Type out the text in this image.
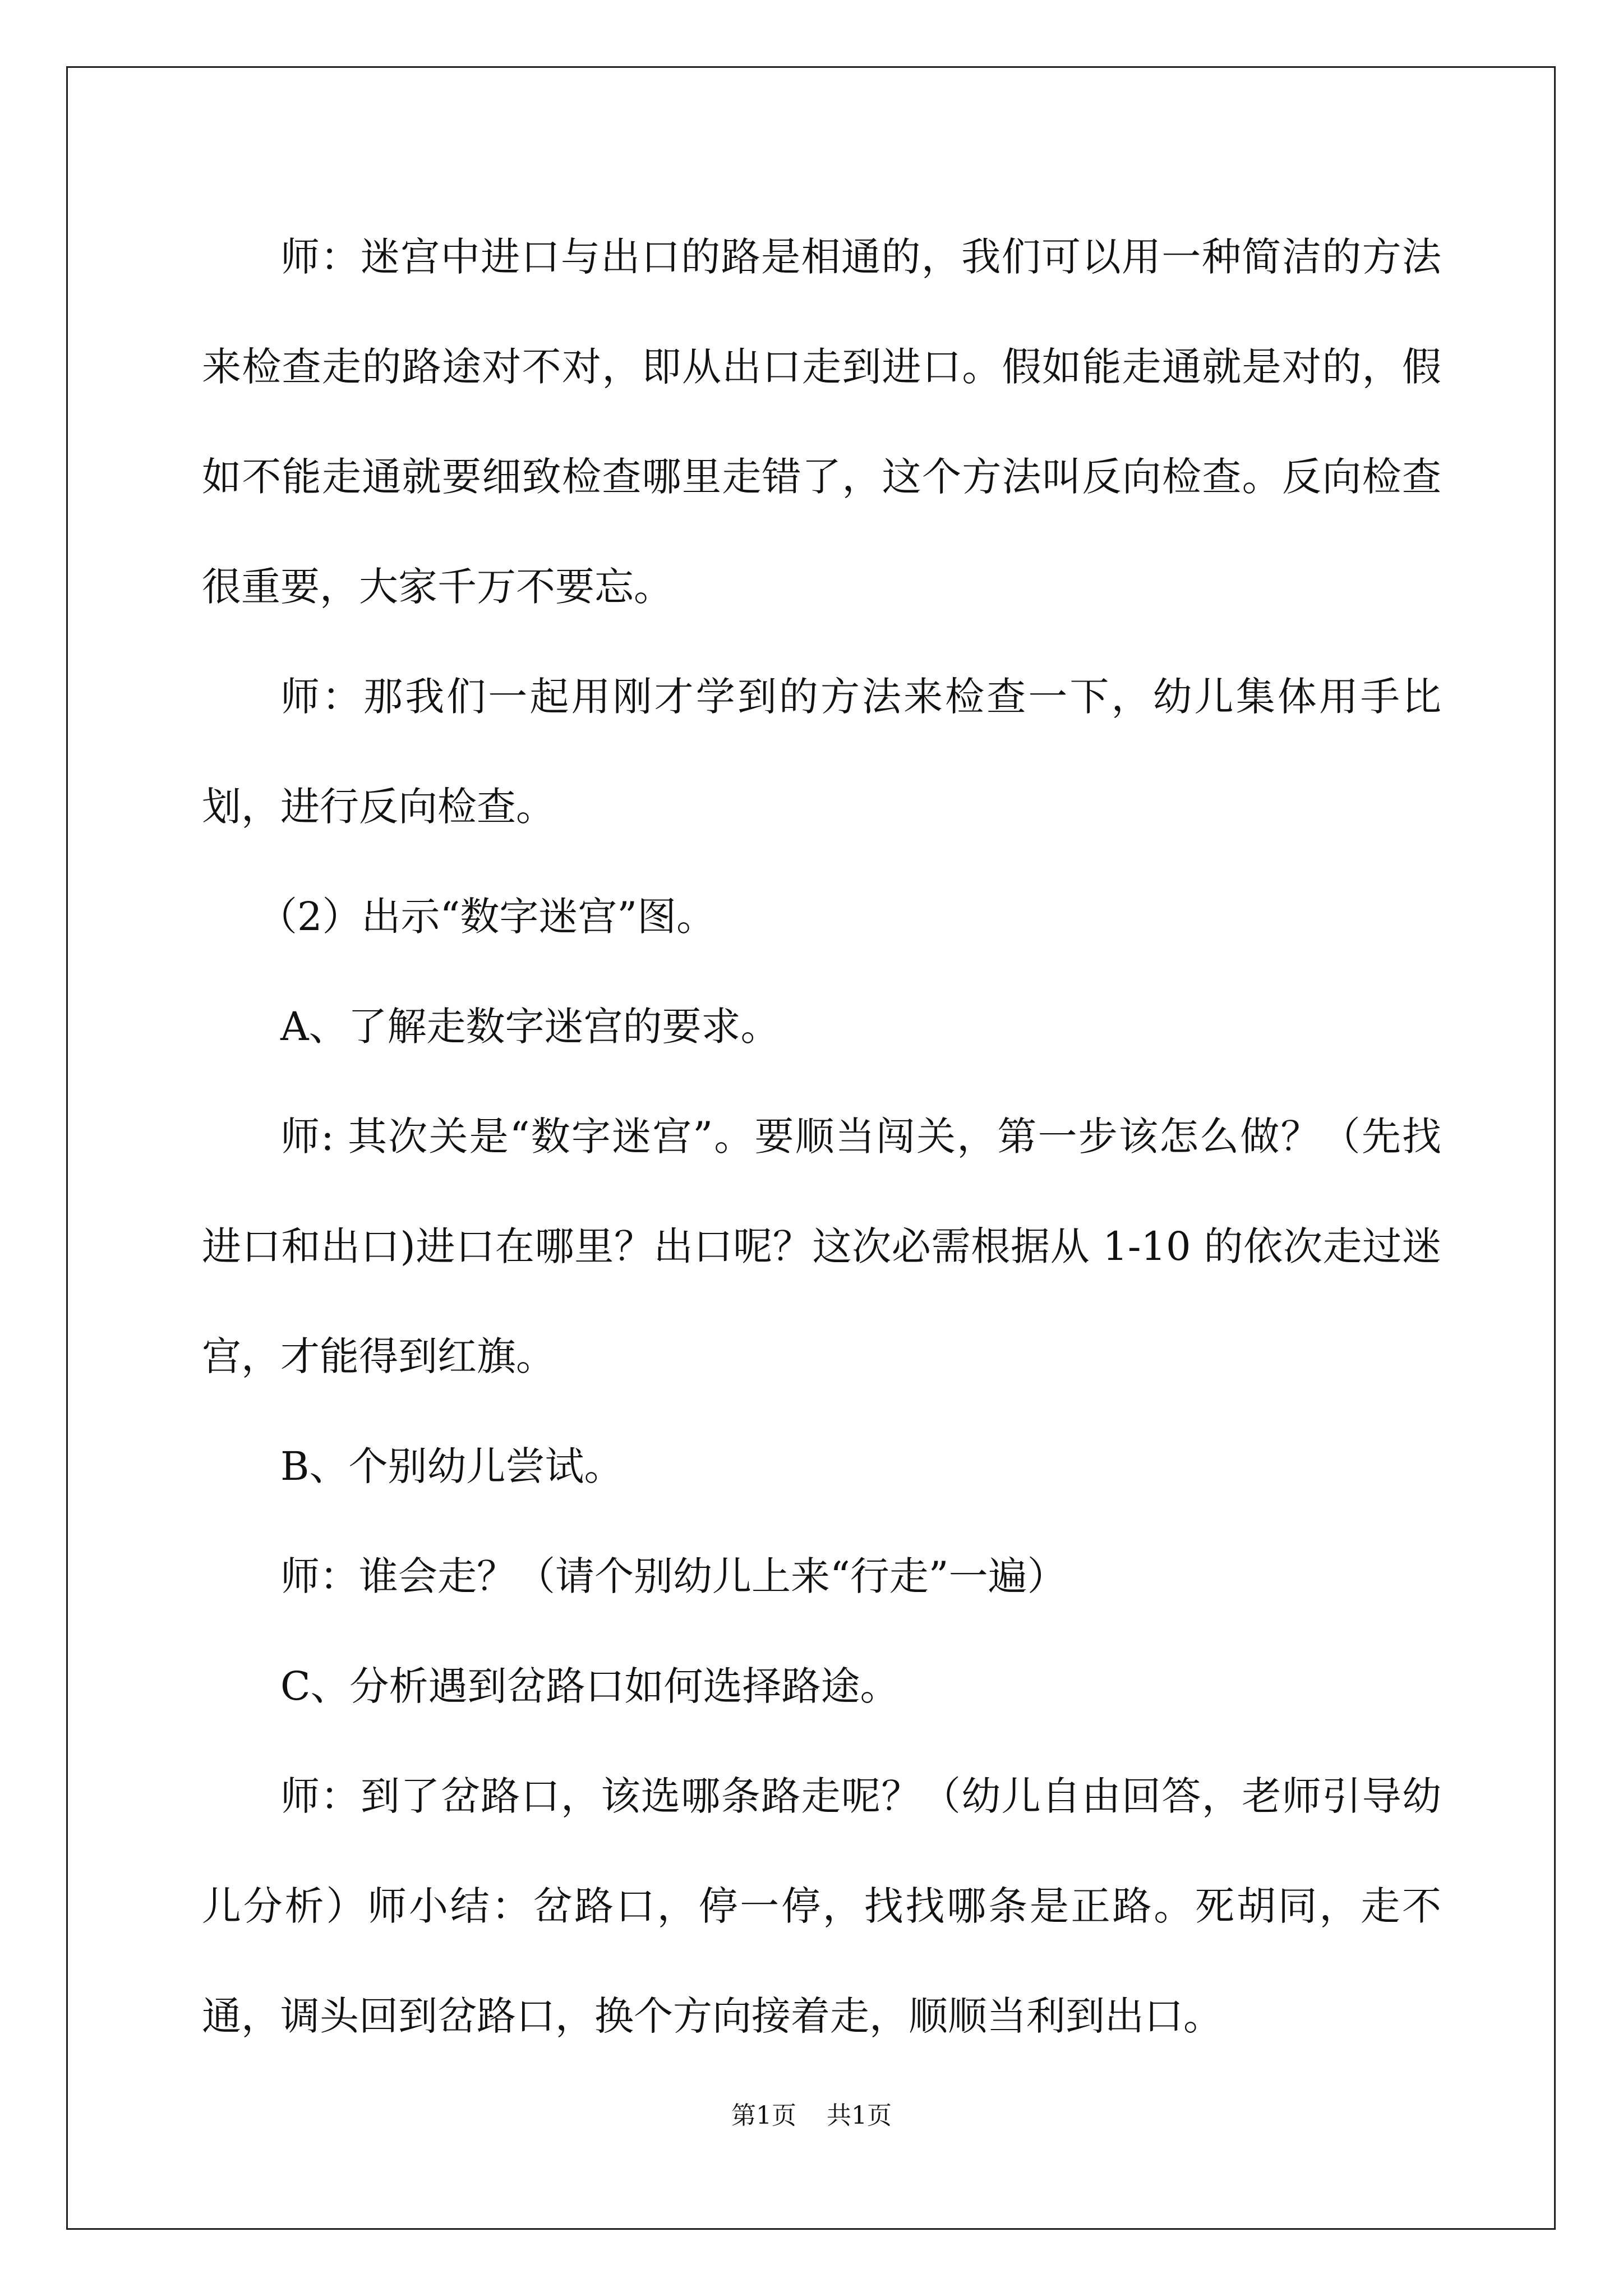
师：迷宫中进口与出口的路是相通的，我们可以用一种简洁的方法来检查走的路途对不对，即从出口走到进口。假如能走通就是对的，假如不能走通就要细致检查哪里走错了，这个方法叫反向检查。反向检查很重要，大家千万不要忘。

师：那我们一起用刚才学到的方法来检查一下，幼儿集体用手比划，进行反向检查。

（2）出示“数字迷宫”图。

A、了解走数字迷宫的要求。

师: 其次关是“数字迷宫”。要顺当闯关，第一步该怎么做？（先找进口和出口)进口在哪里？出口呢？这次必需根据从 1-10 的依次走过迷宫，才能得到红旗。

B、个别幼儿尝试。

师：谁会走？（请个别幼儿上来“行走”一遍）

C、分析遇到岔路口如何选择路途。

师：到了岔路口，该选哪条路走呢？（幼儿自由回答，老师引导幼儿分析）师小结：岔路口，停一停，找找哪条是正路。死胡同，走不通，调头回到岔路口，换个方向接着走，顺顺当利到出口。

第1页 共1页
